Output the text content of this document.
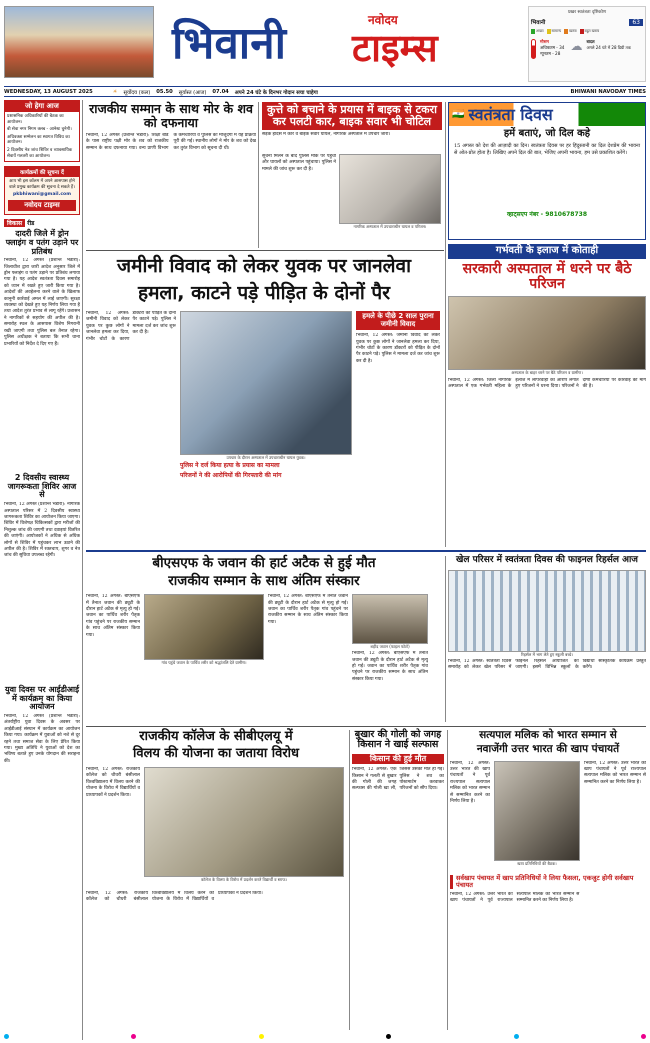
भिवानी	नवोदय
टाइम्स
प्रखर स्वतंत्रता दृष्टिकोण
भिवानी	63
अच्छा	सामान्य	खराब	बहुत खराब
मौसम
अधिकतम - 34
न्यूनतम - 28
☁ बादल
अगले 24 घंटे में 28 डिग्री तक
WEDNESDAY, 13 AUGUST 2025	☀ सूर्योदय (कल) 05.50 सूर्यास्त (आज) 07.04 अपने 24 घंटे के दिनभर गोदान सचा चाहेगा	BHIWANI NAVODAY TIMES
जो हेगा आज
प्रशासनिक अधिकारियों की बैठक का आयोजन।
बी सेवा नगर निगम क्लब - आनेस्ट चुनेगी।
अधिवक्ता सम्मेलन का स्वागत विविध का आयोजन।
2 दिवसीय नेत्र जांच शिविर व व्यावसायिक सेवायें गलतरी का आयोजन।
कार्यक्रमों की सूचना दें
आप भी इस कॉलम में अपने आसपास होने वाले प्रमुख कार्यक्रम की सूचना दे सकते हैं।
pkbhiwani@gmail.com
नवोदय टाइम्स
विकास रीड
दादरी जिले में ड्रोन फ्लाइंग व पतंग उड़ाने पर प्रतिबंध
भिवानी, 12 अगस्त (प्रशान्त भंडारी): जिलाधीश द्वारा जारी आदेश अनुसार जिले में ड्रोन फ्लाइंग व पतंग उड़ाने पर प्रतिबंध लगाया गया है। यह आदेश स्वतंत्रता दिवस समारोह को ध्यान में रखते हुए जारी किया गया है। आदेशों की अवहेलना करने वाले के खिलाफ कानूनी कार्रवाई अमल में लाई जाएगी। सुरक्षा व्यवस्था को देखते हुए यह निर्णय लिया गया है तथा आदेश तुरंत प्रभाव से लागू रहेंगे। प्रशासन ने नागरिकों से सहयोग की अपील की है। समारोह स्थल के आसपास विशेष निगरानी रखी जाएगी तथा पुलिस बल तैनात रहेगा। पुलिस अधीक्षक ने बताया कि सभी थाना प्रभारियों को निर्देश दे दिए गए हैं।
2 दिवसीय स्वास्थ्य जागरूकता शिविर आज से
भिवानी, 12 अगस्त (प्रशान्त भंडारी): नागरिक अस्पताल परिसर में 2 दिवसीय स्वास्थ्य जागरूकता शिविर का आयोजन किया जाएगा। शिविर में विशेषज्ञ चिकित्सकों द्वारा मरीजों की निशुल्क जांच की जाएगी तथा दवाइयां वितरित की जाएंगी। आयोजकों ने अधिक से अधिक लोगों से शिविर में पहुंचकर लाभ उठाने की अपील की है। शिविर में रक्तचाप, शुगर व नेत्र जांच की सुविधा उपलब्ध रहेगी।
युवा दिवस पर आईडीआई में कार्यक्रम का किया आयोजन
भिवानी, 12 अगस्त (प्रशान्त भंडारी): अंतर्राष्ट्रीय युवा दिवस के अवसर पर आईडीआई संस्थान में कार्यक्रम का आयोजन किया गया। कार्यक्रम में युवाओं को नशे से दूर रहने तथा समाज सेवा के लिए प्रेरित किया गया। मुख्य अतिथि ने युवाओं को देश का भविष्य बताते हुए उनके योगदान की सराहना की।
राजकीय सम्मान के साथ मोर के शव को दफनाया
भिवानी, 12 अगस्त (प्रशान्त भंडारी): शिक्षा बोर्ड के पास राष्ट्रीय पक्षी मोर के शव को राजकीय सम्मान के साथ दफनाया गया। वन्य प्राणी विभाग के कर्मचारियों व पुलिस की मौजूदगी में यह प्रक्रिया पूरी की गई। स्थानीय लोगों ने मोर के शव को देख कर तुरंत विभाग को सूचना दी थी।
कुत्ते को बचाने के प्रयास में बाइक से टकरा कर पलटी कार, बाइक सवार भी चोटिल
सड़क हादसे में कार व बाइक सवार घायल, नागरिक अस्पताल में उपचार जारी।
सूचना मिलने के बाद पुलिस मौके पर पहुंची और घायलों को अस्पताल पहुंचाया। पुलिस ने मामले की जांच शुरू कर दी है।
नागरिक अस्पताल में उपचाराधीन घायल व परिजन।
🇮🇳 स्वतंत्रता दिवस
हमें बताएं, जो दिल कहे
15 अगस्त को देश की आज़ादी का दिन। स्वतंत्रता दिवस पर हर हिंदुस्तानी का दिल देशप्रेम की भावना से ओत-प्रोत होता है। लिखिए अपने दिल की बात, भेजिए अपनी भावना, हम उसे प्रकाशित करेंगे।
व्हाट्सएप नंबर - 9810678738
गर्भवती के इलाज में कोताही
सरकारी अस्पताल में धरने पर बैठे परिजन
अस्पताल के बाहर धरने पर बैठे परिजन व ग्रामीण।
भिवानी, 12 अगस्त: जिला नागरिक अस्पताल में एक गर्भवती महिला के इलाज में लापरवाही का आरोप लगाते हुए परिजनों ने धरना दिया। परिजनों ने दोषी कर्मचारियों पर कार्रवाई की मांग की है।
जमीनी विवाद को लेकर युवक पर जानलेवा
हमला, काटने पड़े पीड़ित के दोनों पैर
भिवानी, 12 अगस्त: जमीनी विवाद को लेकर युवक पर कुछ लोगों ने जानलेवा हमला कर दिया, गंभीर चोटों के कारण डॉक्टरों को पीड़ित के दोनों पैर काटने पड़े। पुलिस ने मामला दर्ज कर जांच शुरू कर दी है।
उपचार के दौरान अस्पताल में उपचाराधीन घायल युवक।
पुलिस ने दर्ज किया हत्या के प्रयास का मामला
परिजनों ने की आरोपियों की गिरफ्तारी की मांग
हमले के पीछे 2 साल पुराना जमीनी विवाद
भिवानी, 12 अगस्त: जमीनी विवाद को लेकर युवक पर कुछ लोगों ने जानलेवा हमला कर दिया, गंभीर चोटों के कारण डॉक्टरों को पीड़ित के दोनों पैर काटने पड़े। पुलिस ने मामला दर्ज कर जांच शुरू कर दी है।
बीएसएफ के जवान की हार्ट अटैक से हुई मौत
राजकीय सम्मान के साथ अंतिम संस्कार
भिवानी, 12 अगस्त: बीएसएफ में तैनात जवान की ड्यूटी के दौरान हार्ट अटैक से मृत्यु हो गई। जवान का पार्थिव शरीर पैतृक गांव पहुंचने पर राजकीय सम्मान के साथ अंतिम संस्कार किया गया।
गांव पहुंचे जवान के पार्थिव शरीर को श्रद्धांजलि देते ग्रामीण।
भिवानी, 12 अगस्त: बीएसएफ में तैनात जवान की ड्यूटी के दौरान हार्ट अटैक से मृत्यु हो गई। जवान का पार्थिव शरीर पैतृक गांव पहुंचने पर राजकीय सम्मान के साथ अंतिम संस्कार किया गया।
शहीद जवान (फाइल फोटो)
भिवानी, 12 अगस्त: बीएसएफ में तैनात जवान की ड्यूटी के दौरान हार्ट अटैक से मृत्यु हो गई। जवान का पार्थिव शरीर पैतृक गांव पहुंचने पर राजकीय सम्मान के साथ अंतिम संस्कार किया गया।
खेल परिसर में स्वतंत्रता दिवस की फाइनल रिहर्सल आज
रिहर्सल में भाग लेते हुए स्कूली बच्चे।
भिवानी, 12 अगस्त: स्वतंत्रता दिवस समारोह को लेकर खेल परिसर में फाइनल रिहर्सल आयोजित की जाएगी। इसमें विभिन्न स्कूलों के विद्यार्थी सांस्कृतिक कार्यक्रम प्रस्तुत करेंगे।
राजकीय कॉलेज के सीबीएलयू में
विलय की योजना का जताया विरोध
भिवानी, 12 अगस्त: राजकीय कॉलेज को चौधरी बंसीलाल विश्वविद्यालय में विलय करने की योजना के विरोध में विद्यार्थियों व प्राध्यापकों ने प्रदर्शन किया।
कॉलेज के विलय के विरोध में प्रदर्शन करते विद्यार्थी व स्टाफ।
भिवानी, 12 अगस्त: राजकीय कॉलेज को चौधरी बंसीलाल विश्वविद्यालय में विलय करने की योजना के विरोध में विद्यार्थियों व प्राध्यापकों ने प्रदर्शन किया।
बुखार की गोली को जगह किसान ने खाई सल्फास
किसान की हुई मौत
भिवानी, 12 अगस्त: एक किसान ने गलती से बुखार की गोली की जगह सल्फास की गोली खा ली, जिससे उसकी मौत हो गई। पुलिस ने शव का पोस्टमार्टम करवाकर परिजनों को सौंप दिया।
सत्यपाल मलिक को भारत सम्मान से
नवाजेंगी उत्तर भारत की खाप पंचायतें
भिवानी, 12 अगस्त: उत्तर भारत की खाप पंचायतों ने पूर्व राज्यपाल सत्यपाल मलिक को भारत सम्मान से सम्मानित करने का निर्णय लिया है।
खाप प्रतिनिधियों की बैठक।
भिवानी, 12 अगस्त: उत्तर भारत की खाप पंचायतों ने पूर्व राज्यपाल सत्यपाल मलिक को भारत सम्मान से सम्मानित करने का निर्णय लिया है।
सर्वखाप पंचायत में खाप प्रतिनिधियों ने लिया फैसला, एकजुट होगी सर्वखाप पंचायत
भिवानी, 12 अगस्त: उत्तर भारत की खाप पंचायतों ने पूर्व राज्यपाल सत्यपाल मलिक को भारत सम्मान से सम्मानित करने का निर्णय लिया है।
